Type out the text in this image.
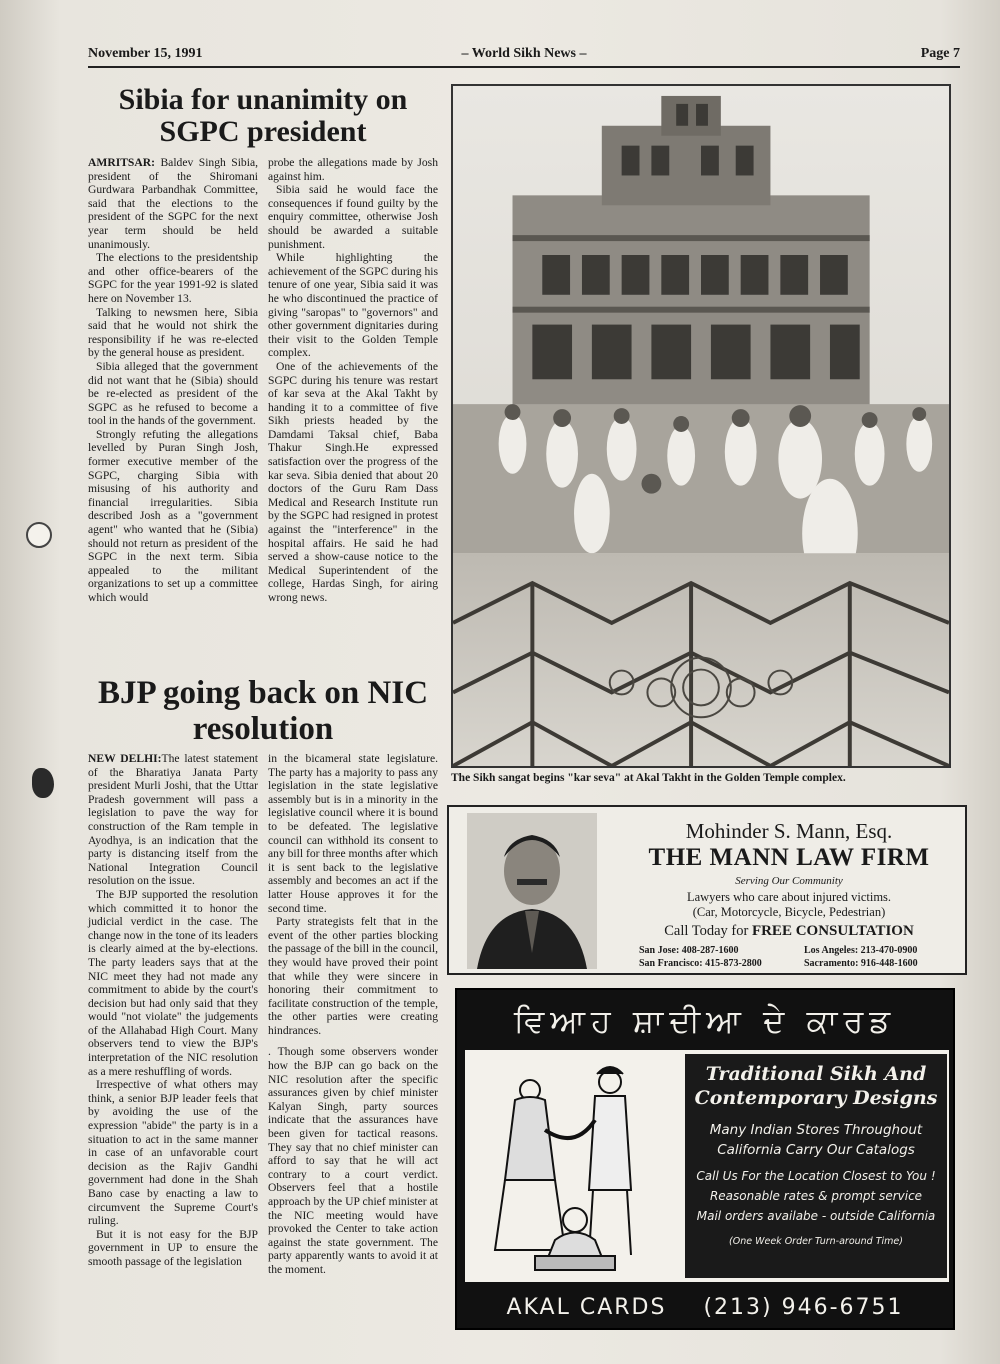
November 15, 1991	– World Sikh News –	Page 7
Sibia for unanimity on SGPC president

AMRITSAR: Baldev Singh Sibia, president of the Shiromani Gurdwara Parbandhak Committee, said that the elections to the president of the SGPC for the next year term should be held unanimously.

The elections to the presidentship and other office-bearers of the SGPC for the year 1991-92 is slated here on November 13.

Talking to newsmen here, Sibia said that he would not shirk the responsibility if he was re-elected by the general house as president.

Sibia alleged that the government did not want that he (Sibia) should be re-elected as president of the SGPC as he refused to become a tool in the hands of the government.

Strongly refuting the allegations levelled by Puran Singh Josh, former executive member of the SGPC, charging Sibia with misusing of his authority and financial irregularities. Sibia described Josh as a "government agent" who wanted that he (Sibia) should not return as president of the SGPC in the next term. Sibia appealed to the militant organizations to set up a committee which would

probe the allegations made by Josh against him.

Sibia said he would face the consequences if found guilty by the enquiry committee, otherwise Josh should be awarded a suitable punishment.

While highlighting the achievement of the SGPC during his tenure of one year, Sibia said it was he who discontinued the practice of giving "saropas" to "governors" and other government dignitaries during their visit to the Golden Temple complex.

One of the achievements of the SGPC during his tenure was restart of kar seva at the Akal Takht by handing it to a committee of five Sikh priests headed by the Damdami Taksal chief, Baba Thakur Singh.He expressed satisfaction over the progress of the kar seva. Sibia denied that about 20 doctors of the Guru Ram Dass Medical and Research Institute run by the SGPC had resigned in protest against the "interference" in the hospital affairs. He said he had served a show-cause notice to the Medical Superintendent of the college, Hardas Singh, for airing wrong news.

BJP going back on NIC resolution

NEW DELHI:The latest statement of the Bharatiya Janata Party president Murli Joshi, that the Uttar Pradesh government will pass a legislation to pave the way for construction of the Ram temple in Ayodhya, is an indication that the party is distancing itself from the National Integration Council resolution on the issue.

The BJP supported the resolution which committed it to honor the judicial verdict in the case. The change now in the tone of its leaders is clearly aimed at the by-elections. The party leaders says that at the NIC meet they had not made any commitment to abide by the court's decision but had only said that they would "not violate" the judgements of the Allahabad High Court. Many observers tend to view the BJP's interpretation of the NIC resolution as a mere reshuffling of words.

Irrespective of what others may think, a senior BJP leader feels that by avoiding the use of the expression "abide" the party is in a situation to act in the same manner in case of an unfavorable court decision as the Rajiv Gandhi government had done in the Shah Bano case by enacting a law to circumvent the Supreme Court's ruling.

But it is not easy for the BJP government in UP to ensure the smooth passage of the legislation

in the bicameral state legislature. The party has a majority to pass any legislation in the state legislative assembly but is in a minority in the legislative council where it is bound to be defeated. The legislative council can withhold its consent to any bill for three months after which it is sent back to the legislative assembly and becomes an act if the latter House approves it for the second time.

Party strategists felt that in the event of the other parties blocking the passage of the bill in the council, they would have proved their point that while they were sincere in honoring their commitment to facilitate construction of the temple, the other parties were creating hindrances.

. Though some observers wonder how the BJP can go back on the NIC resolution after the specific assurances given by chief minister Kalyan Singh, party sources indicate that the assurances have been given for tactical reasons. They say that no chief minister can afford to say that he will act contrary to a court verdict. Observers feel that a hostile approach by the UP chief minister at the NIC meeting would have provoked the Center to take action against the state government. The party apparently wants to avoid it at the moment.

The Sikh sangat begins "kar seva" at Akal Takht in the Golden Temple complex.
Mohinder S. Mann, Esq.
THE MANN LAW FIRM
Serving Our Community
Lawyers who care about injured victims.
(Car, Motorcycle, Bicycle, Pedestrian)
Call Today for FREE CONSULTATION
San Jose: 408-287-1600	Los Angeles: 213-470-0900
San Francisco: 415-873-2800	Sacramento: 916-448-1600
ਵਿਆਹ ਸ਼ਾਦੀਆ ਦੇ ਕਾਰਡ
Traditional Sikh And
Contemporary Designs
Many Indian Stores Throughout
California Carry Our Catalogs
Call Us For the Location Closest to You !
Reasonable rates & prompt service
Mail orders availabe - outside California
(One Week Order Turn-around Time)
AKAL CARDS (213) 946-6751
